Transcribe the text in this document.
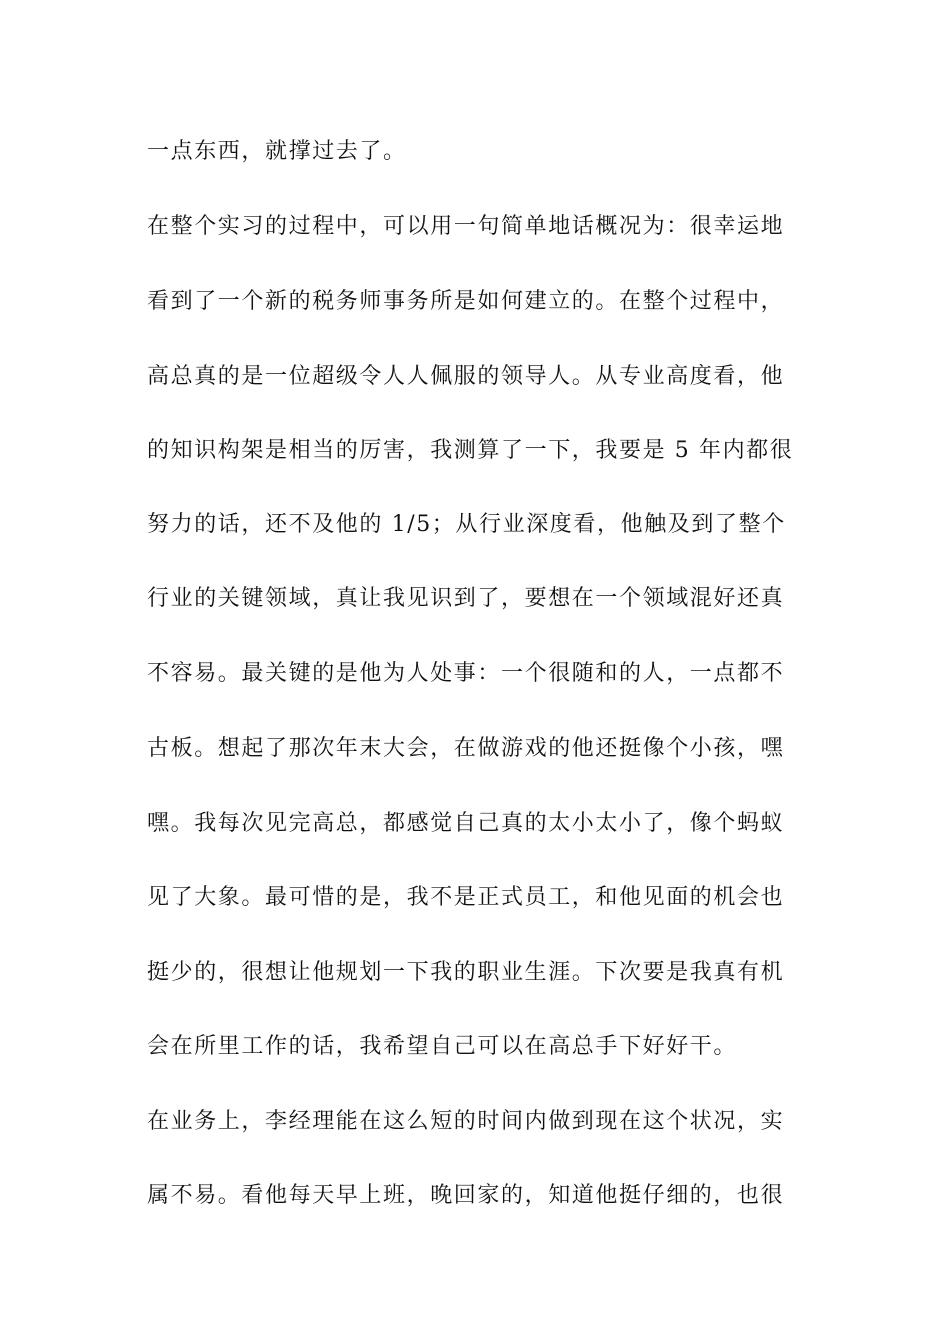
一点东西，就撑过去了。
在整个实习的过程中，可以用一句简单地话概况为：很幸运地
看到了一个新的税务师事务所是如何建立的。在整个过程中，
高总真的是一位超级令人人佩服的领导人。从专业高度看，他
的知识构架是相当的厉害，我测算了一下，我要是 5 年内都很
努力的话，还不及他的 1/5；从行业深度看，他触及到了整个
行业的关键领域，真让我见识到了，要想在一个领域混好还真
不容易。最关键的是他为人处事：一个很随和的人，一点都不
古板。想起了那次年末大会，在做游戏的他还挺像个小孩，嘿
嘿。我每次见完高总，都感觉自己真的太小太小了，像个蚂蚁
见了大象。最可惜的是，我不是正式员工，和他见面的机会也
挺少的，很想让他规划一下我的职业生涯。下次要是我真有机
会在所里工作的话，我希望自己可以在高总手下好好干。
在业务上，李经理能在这么短的时间内做到现在这个状况，实
属不易。看他每天早上班，晚回家的，知道他挺仔细的，也很
